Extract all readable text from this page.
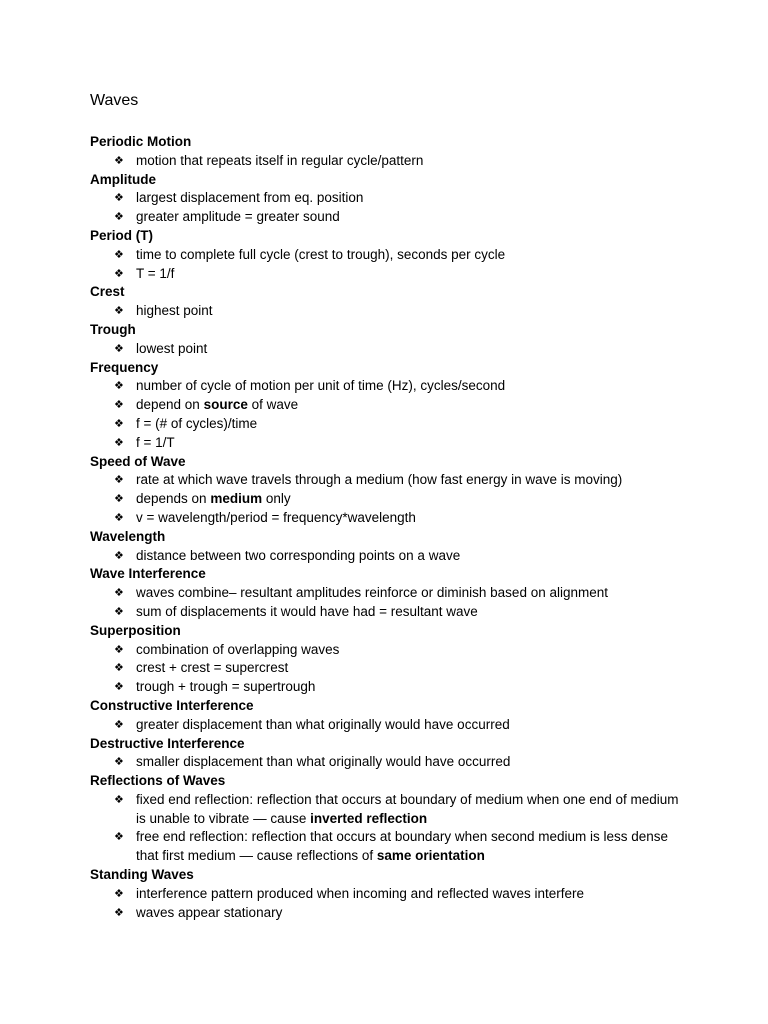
Waves
Periodic Motion
❖ motion that repeats itself in regular cycle/pattern
Amplitude
❖ largest displacement from eq. position
❖ greater amplitude = greater sound
Period (T)
❖ time to complete full cycle (crest to trough), seconds per cycle
❖ T = 1/f
Crest
❖ highest point
Trough
❖ lowest point
Frequency
❖ number of cycle of motion per unit of time (Hz), cycles/second
❖ depend on source of wave
❖ f = (# of cycles)/time
❖ f = 1/T
Speed of Wave
❖ rate at which wave travels through a medium (how fast energy in wave is moving)
❖ depends on medium only
❖ v = wavelength/period = frequency*wavelength
Wavelength
❖ distance between two corresponding points on a wave
Wave Interference
❖ waves combine– resultant amplitudes reinforce or diminish based on alignment
❖ sum of displacements it would have had = resultant wave
Superposition
❖ combination of overlapping waves
❖ crest + crest = supercrest
❖ trough + trough = supertrough
Constructive Interference
❖ greater displacement than what originally would have occurred
Destructive Interference
❖ smaller displacement than what originally would have occurred
Reflections of Waves
❖ fixed end reflection: reflection that occurs at boundary of medium when one end of medium is unable to vibrate — cause inverted reflection
❖ free end reflection: reflection that occurs at boundary when second medium is less dense that first medium — cause reflections of same orientation
Standing Waves
❖ interference pattern produced when incoming and reflected waves interfere
❖ waves appear stationary
